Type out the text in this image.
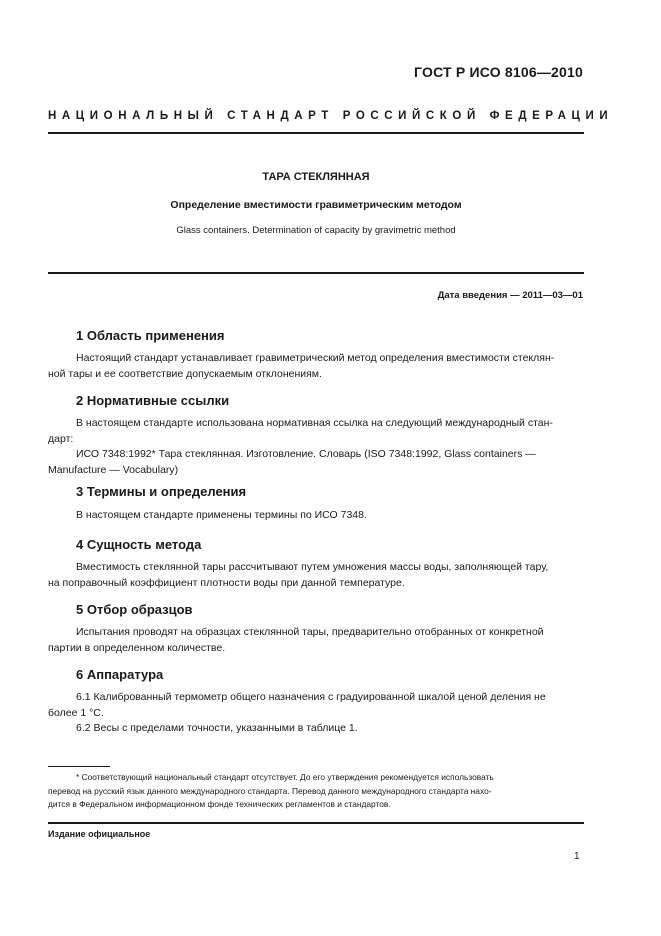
ГОСТ Р ИСО 8106—2010
НАЦИОНАЛЬНЫЙ СТАНДАРТ РОССИЙСКОЙ ФЕДЕРАЦИИ
ТАРА СТЕКЛЯННАЯ
Определение вместимости гравиметрическим методом
Glass containers. Determination of capacity by gravimetric method
Дата введения — 2011—03—01
1 Область применения
Настоящий стандарт устанавливает гравиметрический метод определения вместимости стеклян-
ной тары и ее соответствие допускаемым отклонениям.
2 Нормативные ссылки
В настоящем стандарте использована нормативная ссылка на следующий международный стан-
дарт:
ИСО 7348:1992* Тара стеклянная. Изготовление. Словарь (ISO 7348:1992, Glass containers —
Manufacture — Vocabulary)
3 Термины и определения
В настоящем стандарте применены термины по ИСО 7348.
4 Сущность метода
Вместимость стеклянной тары рассчитывают путем умножения массы воды, заполняющей тару,
на поправочный коэффициент плотности воды при данной температуре.
5 Отбор образцов
Испытания проводят на образцах стеклянной тары, предварительно отобранных от конкретной
партии в определенном количестве.
6 Аппаратура
6.1 Калиброванный термометр общего назначения с градуированной шкалой ценой деления не
более 1 °С.
6.2 Весы с пределами точности, указанными в таблице 1.
* Соответствующий национальный стандарт отсутствует. До его утверждения рекомендуется использовать
перевод на русский язык данного международного стандарта. Перевод данного международного стандарта нахо-
дится в Федеральном информационном фонде технических регламентов и стандартов.
Издание официальное
1
